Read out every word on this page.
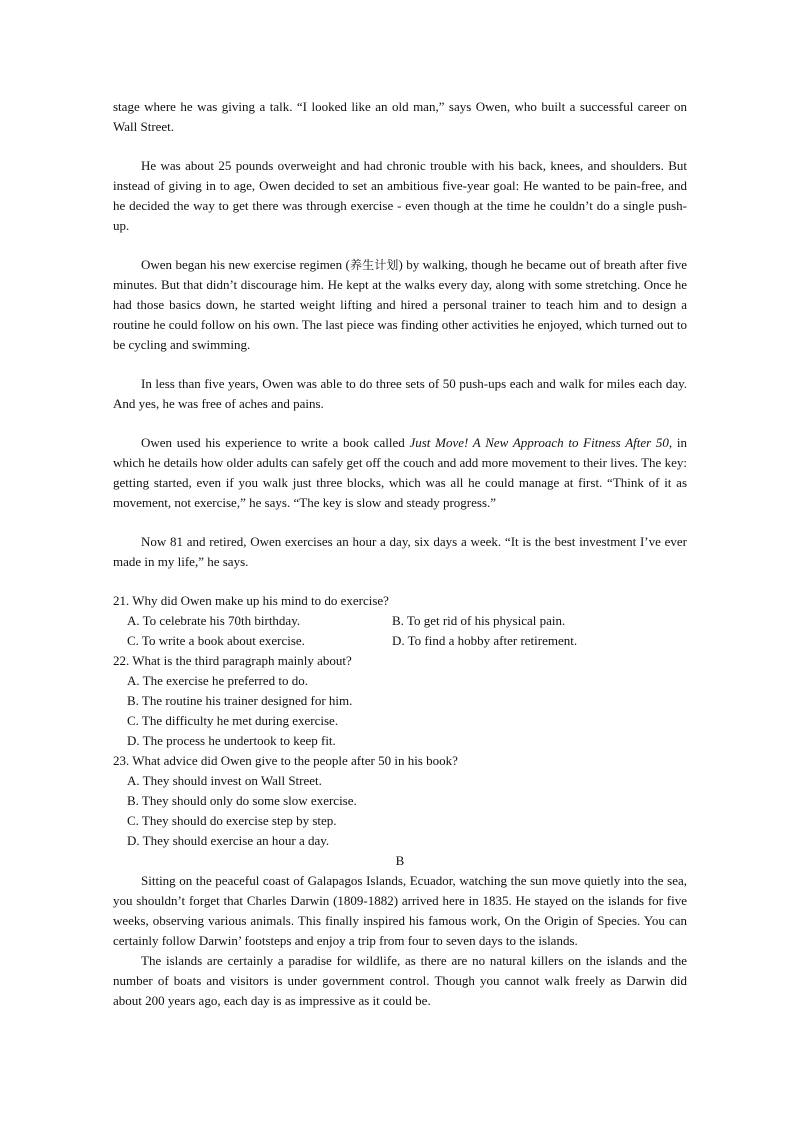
stage where he was giving a talk. “I looked like an old man,” says Owen, who built a successful career on Wall Street.

He was about 25 pounds overweight and had chronic trouble with his back, knees, and shoulders. But instead of giving in to age, Owen decided to set an ambitious five-year goal: He wanted to be pain-free, and he decided the way to get there was through exercise - even though at the time he couldn’t do a single push-up.

Owen began his new exercise regimen (养生计划) by walking, though he became out of breath after five minutes. But that didn’t discourage him. He kept at the walks every day, along with some stretching. Once he had those basics down, he started weight lifting and hired a personal trainer to teach him and to design a routine he could follow on his own. The last piece was finding other activities he enjoyed, which turned out to be cycling and swimming.

In less than five years, Owen was able to do three sets of 50 push-ups each and walk for miles each day. And yes, he was free of aches and pains.

Owen used his experience to write a book called Just Move! A New Approach to Fitness After 50, in which he details how older adults can safely get off the couch and add more movement to their lives. The key: getting started, even if you walk just three blocks, which was all he could manage at first. “Think of it as movement, not exercise,” he says. “The key is slow and steady progress.”

Now 81 and retired, Owen exercises an hour a day, six days a week. “It is the best investment I’ve ever made in my life,” he says.

21. Why did Owen make up his mind to do exercise?
A. To celebrate his 70th birthday.	B. To get rid of his physical pain.
C. To write a book about exercise.	D. To find a hobby after retirement.
22. What is the third paragraph mainly about?
A. The exercise he preferred to do.
B. The routine his trainer designed for him.
C. The difficulty he met during exercise.
D. The process he undertook to keep fit.
23. What advice did Owen give to the people after 50 in his book?
A. They should invest on Wall Street.
B. They should only do some slow exercise.
C. They should do exercise step by step.
D. They should exercise an hour a day.
B

Sitting on the peaceful coast of Galapagos Islands, Ecuador, watching the sun move quietly into the sea, you shouldn’t forget that Charles Darwin (1809-1882) arrived here in 1835. He stayed on the islands for five weeks, observing various animals. This finally inspired his famous work, On the Origin of Species. You can certainly follow Darwin’ footsteps and enjoy a trip from four to seven days to the islands.

The islands are certainly a paradise for wildlife, as there are no natural killers on the islands and the number of boats and visitors is under government control. Though you cannot walk freely as Darwin did about 200 years ago, each day is as impressive as it could be.
